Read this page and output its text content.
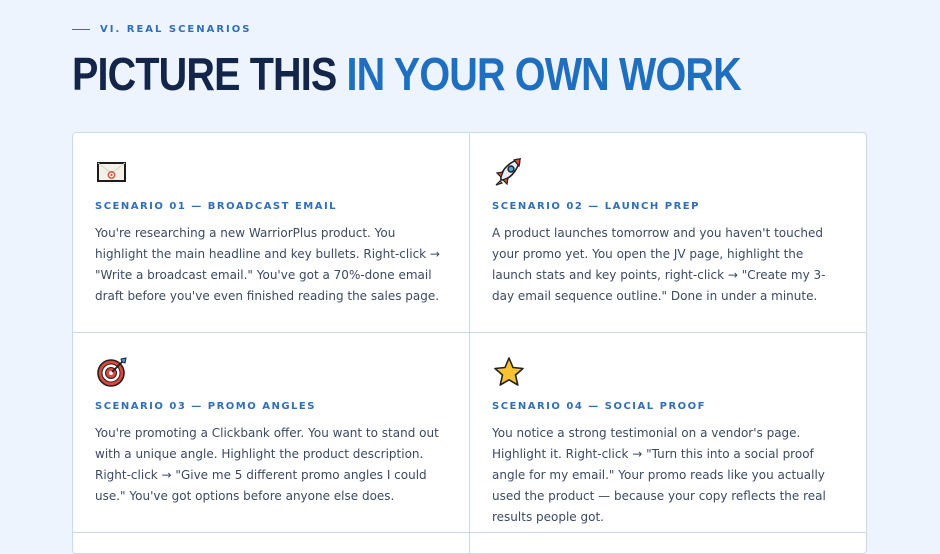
VI. REAL SCENARIOS
PICTURE THIS IN YOUR OWN WORK
SCENARIO 01 — BROADCAST EMAIL
You're researching a new WarriorPlus product. You highlight the main headline and key bullets. Right-click → "Write a broadcast email." You've got a 70%-done email draft before you've even finished reading the sales page.
SCENARIO 02 — LAUNCH PREP
A product launches tomorrow and you haven't touched your promo yet. You open the JV page, highlight the launch stats and key points, right-click → "Create my 3-day email sequence outline." Done in under a minute.
SCENARIO 03 — PROMO ANGLES
You're promoting a Clickbank offer. You want to stand out with a unique angle. Highlight the product description. Right-click → "Give me 5 different promo angles I could use." You've got options before anyone else does.
SCENARIO 04 — SOCIAL PROOF
You notice a strong testimonial on a vendor's page. Highlight it. Right-click → "Turn this into a social proof angle for my email." Your promo reads like you actually used the product — because your copy reflects the real results people got.
